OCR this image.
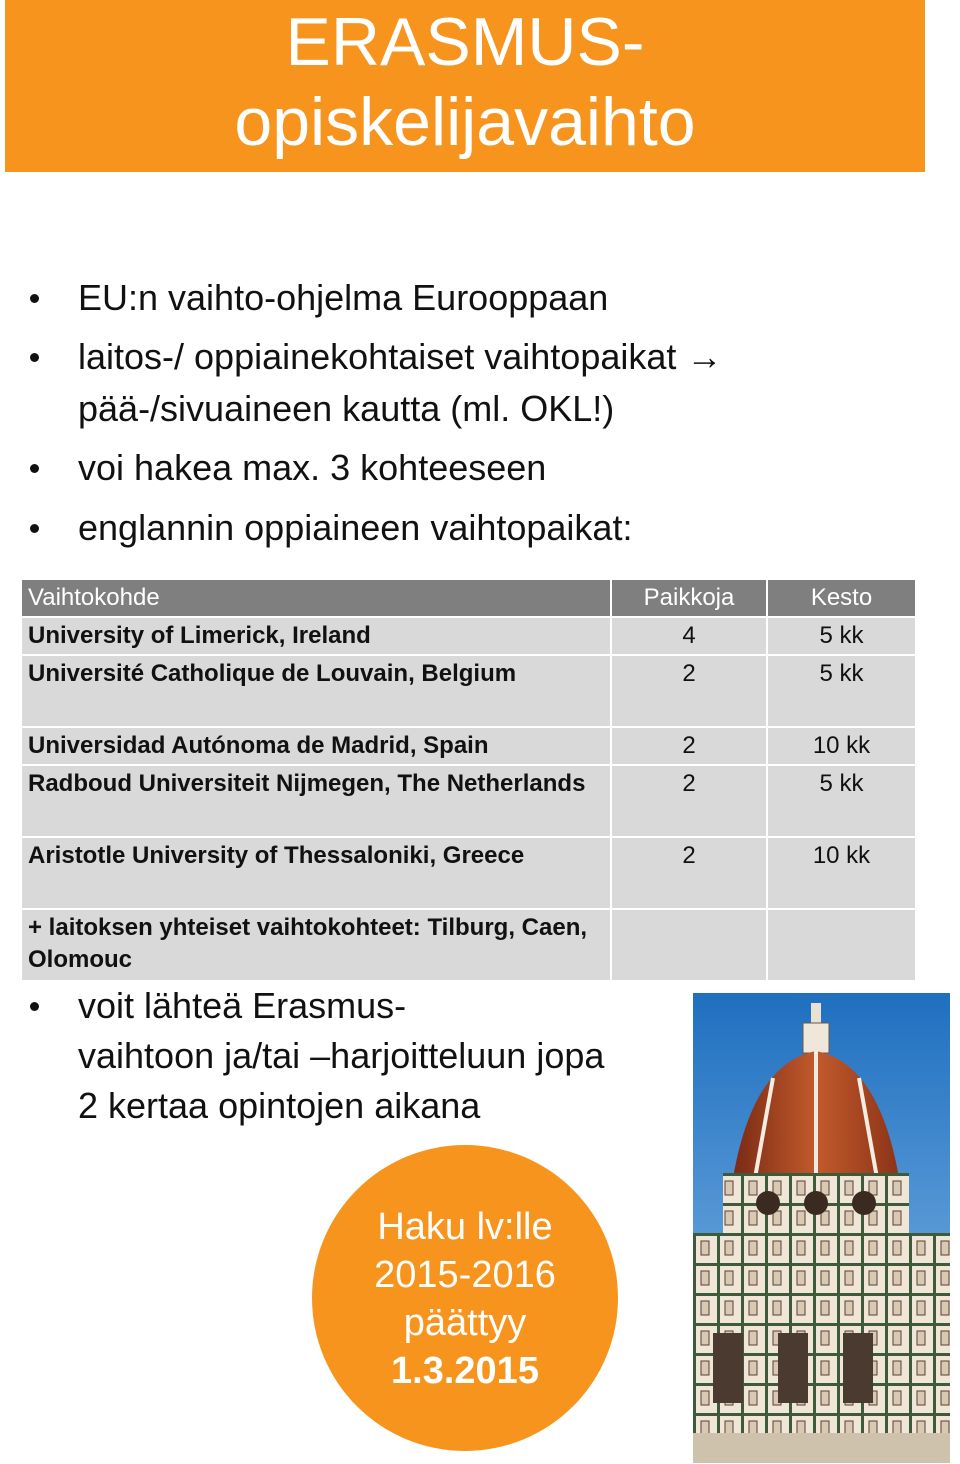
ERASMUS-
opiskelijavaihto
EU:n vaihto-ohjelma Eurooppaan
laitos-/ oppiainekohtaiset vaihtopaikat →
pää-/sivuaineen kautta (ml. OKL!)
voi hakea max. 3 kohteeseen
englannin oppiaineen vaihtopaikat:
Vaihtokohde	Paikkoja	Kesto
University of Limerick, Ireland	4	5 kk
Université Catholique de Louvain, Belgium	2	5 kk
Universidad Autónoma de Madrid, Spain	2	10 kk
Radboud Universiteit Nijmegen, The Netherlands	2	5 kk
Aristotle University of Thessaloniki, Greece	2	10 kk
+ laitoksen yhteiset vaihtokohteet: Tilburg, Caen, Olomouc		
voit lähteä Erasmus-
vaihtoon ja/tai –harjoitteluun jopa
2 kertaa opintojen aikana
Haku lv:lle
2015-2016
päättyy
1.3.2015
